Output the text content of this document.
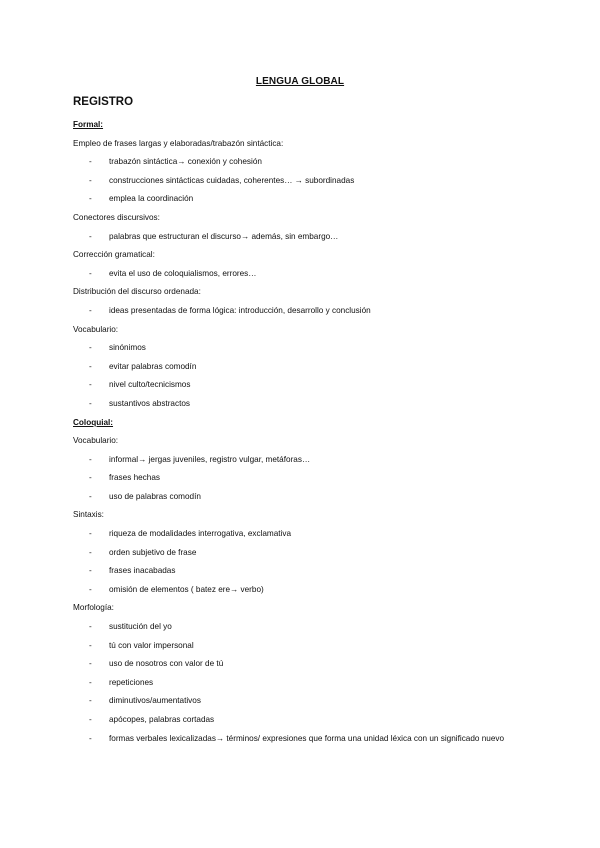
LENGUA GLOBAL
REGISTRO
Formal:
Empleo de frases largas y elaboradas/trabazón sintáctica:
- trabazón sintáctica→ conexión y cohesión
- construcciones sintácticas cuidadas, coherentes… → subordinadas
- emplea la coordinación
Conectores discursivos:
- palabras que estructuran el discurso→ además, sin embargo…
Corrección gramatical:
- evita el uso de coloquialismos, errores…
Distribución del discurso ordenada:
- ideas presentadas de forma lógica: introducción, desarrollo y conclusión
Vocabulario:
- sinónimos
- evitar palabras comodín
- nivel culto/tecnicismos
- sustantivos abstractos
Coloquial:
Vocabulario:
- informal→ jergas juveniles, registro vulgar, metáforas…
- frases hechas
- uso de palabras comodín
Sintaxis:
- riqueza de modalidades interrogativa, exclamativa
- orden subjetivo de frase
- frases inacabadas
- omisión de elementos ( batez ere→ verbo)
Morfología:
- sustitución del yo
- tú con valor impersonal
- uso de nosotros con valor de tú
- repeticiones
- diminutivos/aumentativos
- apócopes, palabras cortadas
- formas verbales lexicalizadas→ términos/ expresiones que forma una unidad léxica con un significado nuevo
